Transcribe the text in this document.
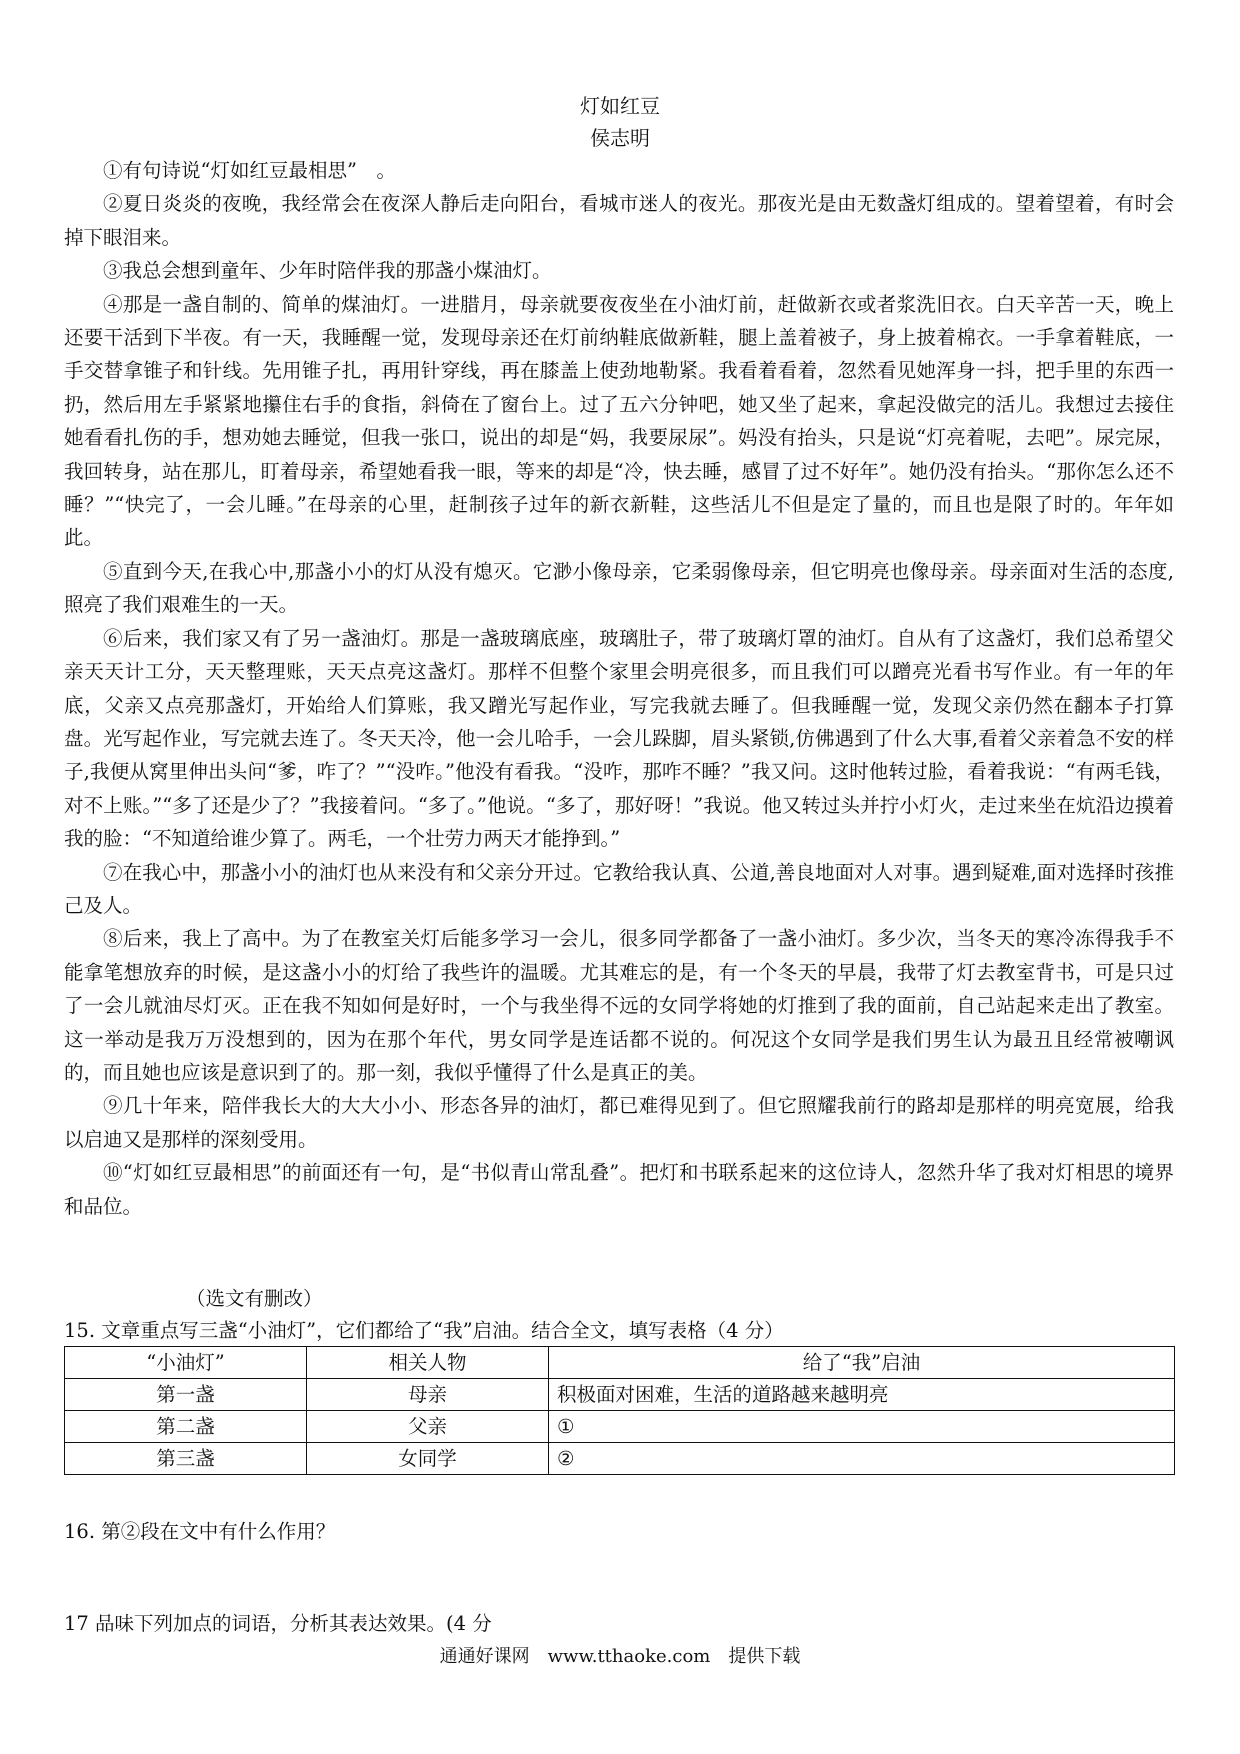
灯如红豆
侯志明

①有句诗说“灯如红豆最相思”　。

②夏日炎炎的夜晚，我经常会在夜深人静后走向阳台，看城市迷人的夜光。那夜光是由无数盏灯组成的。望着望着，有时会掉下眼泪来。

③我总会想到童年、少年时陪伴我的那盏小煤油灯。

④那是一盏自制的、简单的煤油灯。一进腊月，母亲就要夜夜坐在小油灯前，赶做新衣或者浆洗旧衣。白天辛苦一天，晚上还要干活到下半夜。有一天，我睡醒一觉，发现母亲还在灯前纳鞋底做新鞋，腿上盖着被子，身上披着棉衣。一手拿着鞋底，一手交替拿锥子和针线。先用锥子扎，再用针穿线，再在膝盖上使劲地勒紧。我看着看着，忽然看见她浑身一抖，把手里的东西一扔，然后用左手紧紧地攥住右手的食指，斜倚在了窗台上。过了五六分钟吧，她又坐了起来，拿起没做完的活儿。我想过去接住她看看扎伤的手，想劝她去睡觉，但我一张口，说出的却是“妈，我要尿尿”。妈没有抬头，只是说“灯亮着呢，去吧”。尿完尿，我回转身，站在那儿，盯着母亲，希望她看我一眼，等来的却是“冷，快去睡，感冒了过不好年”。她仍没有抬头。“那你怎么还不睡？”“快完了，一会儿睡。”在母亲的心里，赶制孩子过年的新衣新鞋，这些活儿不但是定了量的，而且也是限了时的。年年如此。

⑤直到今天,在我心中,那盏小小的灯从没有熄灭。它渺小像母亲，它柔弱像母亲，但它明亮也像母亲。母亲面对生活的态度,照亮了我们艰难生的一天。

⑥后来，我们家又有了另一盏油灯。那是一盏玻璃底座，玻璃肚子，带了玻璃灯罩的油灯。自从有了这盏灯，我们总希望父亲天天计工分，天天整理账，天天点亮这盏灯。那样不但整个家里会明亮很多，而且我们可以蹭亮光看书写作业。有一年的年底，父亲又点亮那盏灯，开始给人们算账，我又蹭光写起作业，写完我就去睡了。但我睡醒一觉，发现父亲仍然在翻本子打算盘。光写起作业，写完就去连了。冬天天冷，他一会儿哈手，一会儿跺脚，眉头紧锁,仿佛遇到了什么大事,看着父亲着急不安的样子,我便从窝里伸出头问“爹，咋了？”“没咋。”他没有看我。“没咋，那咋不睡？”我又问。这时他转过脸，看着我说：“有两毛钱，对不上账。”“多了还是少了？”我接着问。“多了。”他说。“多了，那好呀！”我说。他又转过头并拧小灯火，走过来坐在炕沿边摸着我的脸：“不知道给谁少算了。两毛，一个壮劳力两天才能挣到。”

⑦在我心中，那盏小小的油灯也从来没有和父亲分开过。它教给我认真、公道,善良地面对人对事。遇到疑难,面对选择时孩推己及人。

⑧后来，我上了高中。为了在教室关灯后能多学习一会儿，很多同学都备了一盏小油灯。多少次，当冬天的寒冷冻得我手不能拿笔想放弃的时候，是这盏小小的灯给了我些许的温暖。尤其难忘的是，有一个冬天的早晨，我带了灯去教室背书，可是只过了一会儿就油尽灯灭。正在我不知如何是好时，一个与我坐得不远的女同学将她的灯推到了我的面前，自己站起来走出了教室。这一举动是我万万没想到的，因为在那个年代，男女同学是连话都不说的。何况这个女同学是我们男生认为最丑且经常被嘲讽的，而且她也应该是意识到了的。那一刻，我似乎懂得了什么是真正的美。

⑨几十年来，陪伴我长大的大大小小、形态各异的油灯，都已难得见到了。但它照耀我前行的路却是那样的明亮宽展，给我以启迪又是那样的深刻受用。

⑩“灯如红豆最相思”的前面还有一句，是“书似青山常乱叠”。把灯和书联系起来的这位诗人，忽然升华了我对灯相思的境界和品位。

（选文有删改）
15. 文章重点写三盏“小油灯”，它们都给了“我”启油。结合全文，填写表格（4 分）
“小油灯”	相关人物	给了“我”启油
第一盏	母亲	积极面对困难，生活的道路越来越明亮
第二盏	父亲	①
第三盏	女同学	②
16. 第②段在文中有什么作用？
17 品味下列加点的词语，分析其表达效果。(4 分
通通好课网　www.tthaoke.com　提供下载
